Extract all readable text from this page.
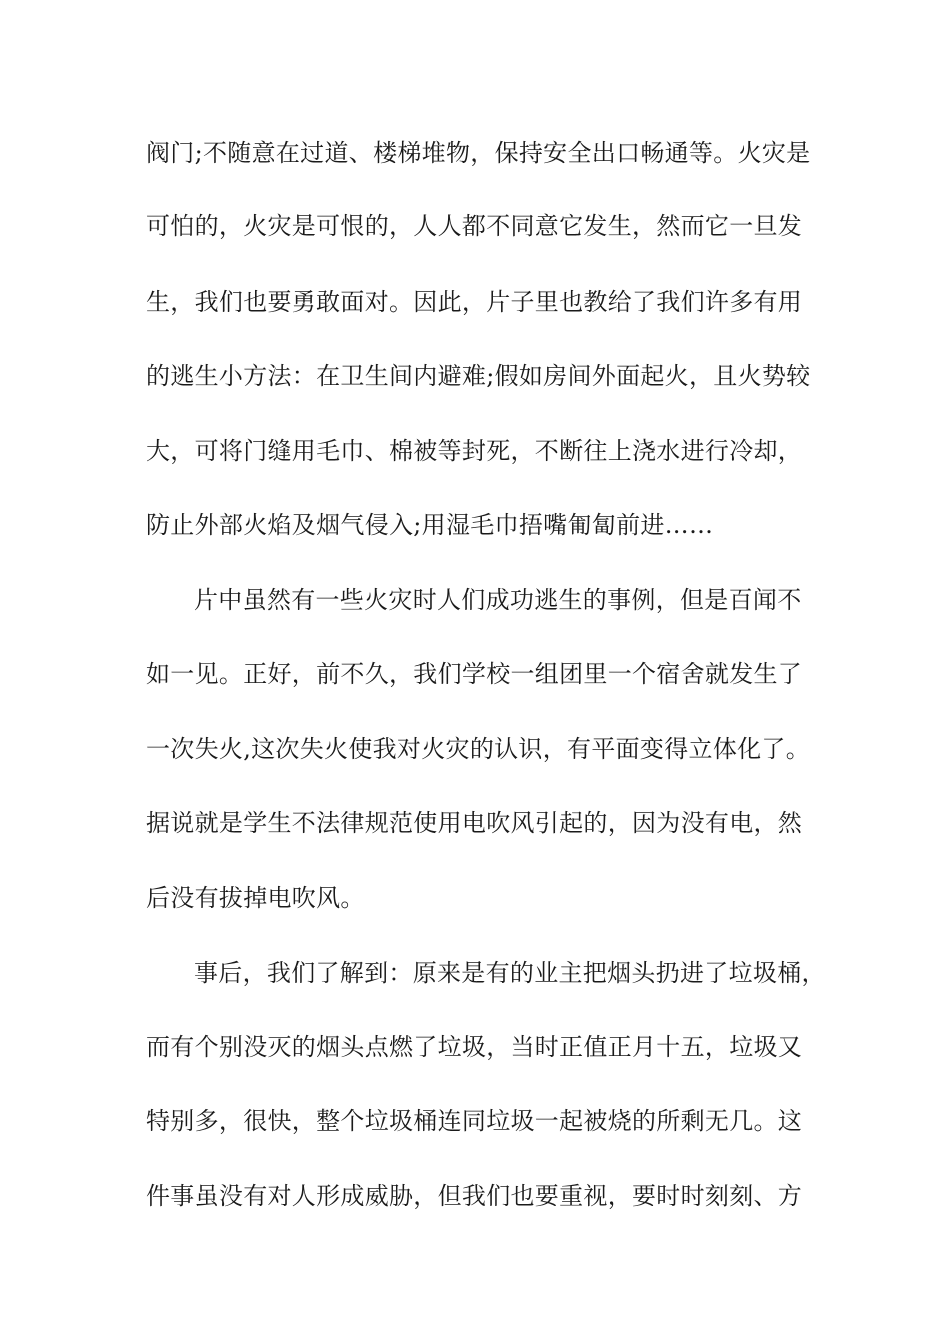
阀门;不随意在过道、楼梯堆物，保持安全出口畅通等。火灾是
可怕的，火灾是可恨的，人人都不同意它发生，然而它一旦发
生，我们也要勇敢面对。因此，片子里也教给了我们许多有用
的逃生小方法：在卫生间内避难;假如房间外面起火，且火势较
大，可将门缝用毛巾、棉被等封死，不断往上浇水进行冷却，
防止外部火焰及烟气侵入;用湿毛巾捂嘴匍匐前进……
片中虽然有一些火灾时人们成功逃生的事例，但是百闻不
如一见。正好，前不久，我们学校一组团里一个宿舍就发生了
一次失火,这次失火使我对火灾的认识，有平面变得立体化了。
据说就是学生不法律规范使用电吹风引起的，因为没有电，然
后没有拔掉电吹风。
事后，我们了解到：原来是有的业主把烟头扔进了垃圾桶，
而有个别没灭的烟头点燃了垃圾，当时正值正月十五，垃圾又
特别多，很快，整个垃圾桶连同垃圾一起被烧的所剩无几。这
件事虽没有对人形成威胁，但我们也要重视，要时时刻刻、方
